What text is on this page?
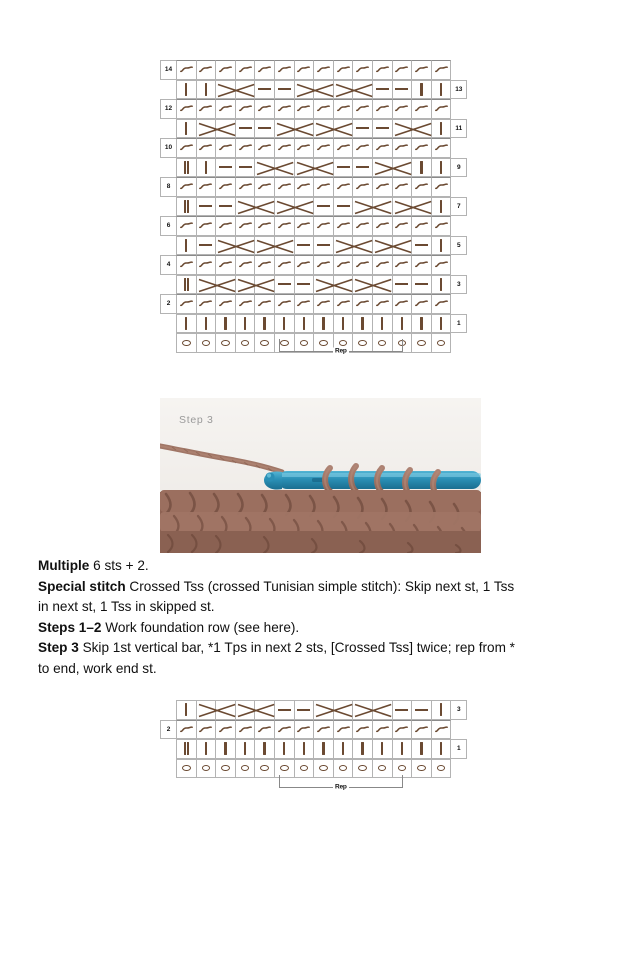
14
13
12
11
10
9
8
7
6
5
4
3
2
1
Rep
Step 3

Multiple 6 sts + 2.

Special stitch Crossed Tss (crossed Tunisian simple stitch): Skip next st, 1 Tss in next st, 1 Tss in skipped st.

Steps 1–2 Work foundation row (see here).

Step 3 Skip 1st vertical bar, *1 Tps in next 2 sts, [Crossed Tss] twice; rep from * to end, work end st.

3
2
1
Rep
